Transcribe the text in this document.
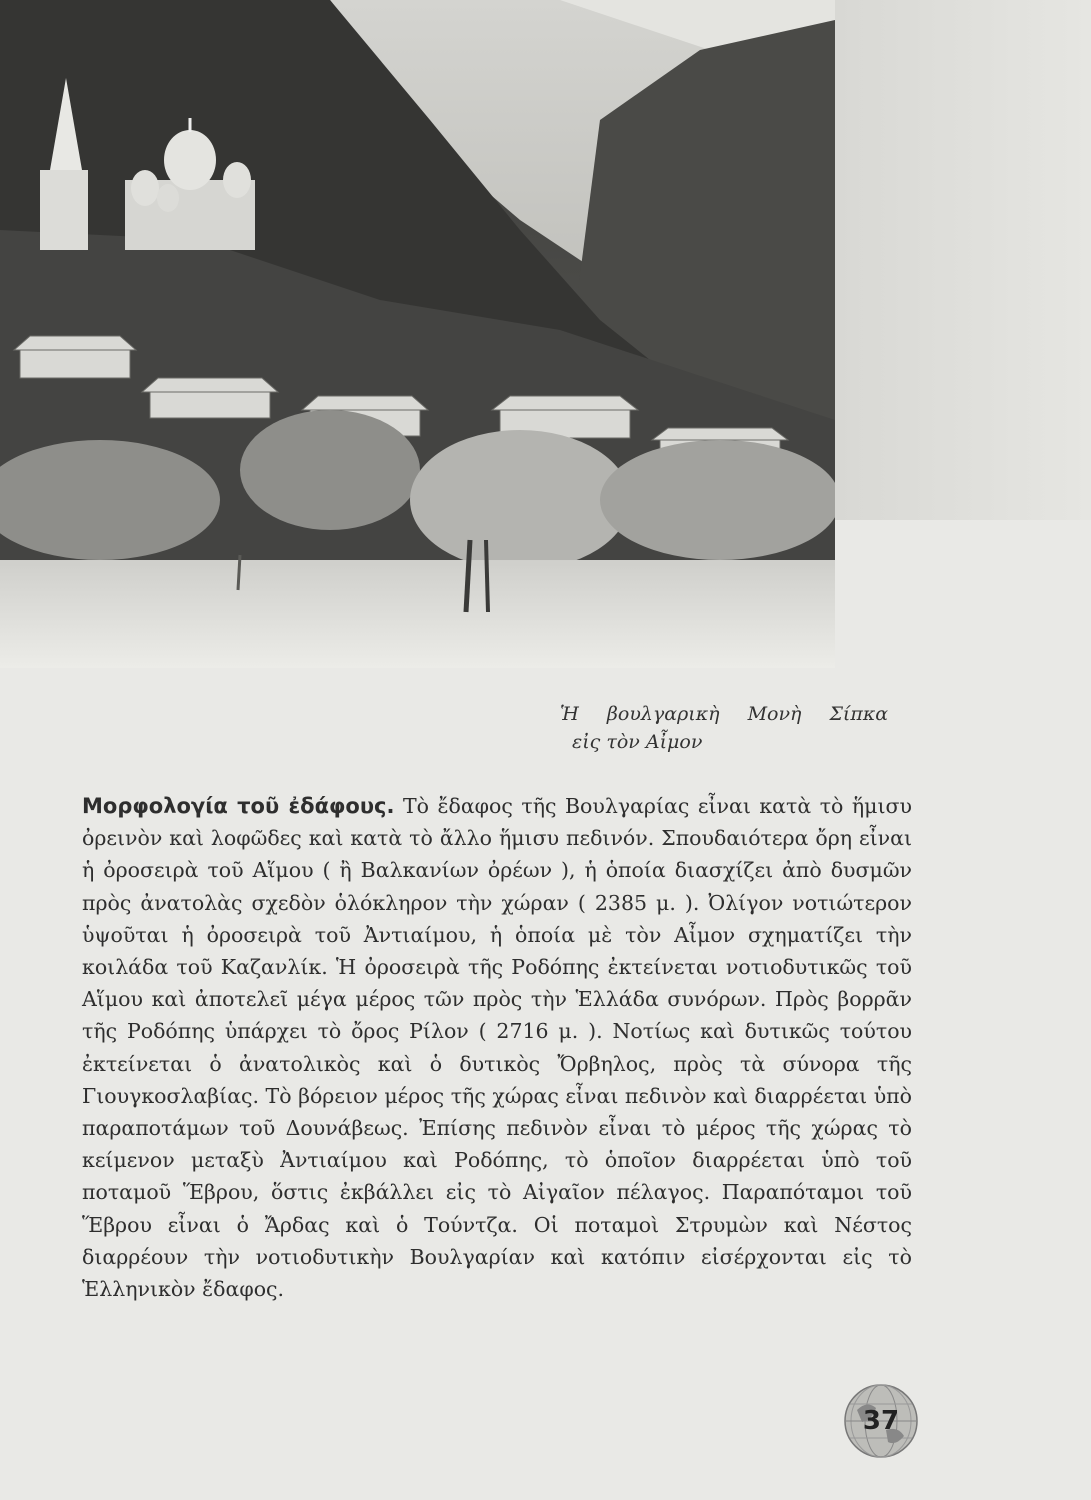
Ἡ βουλγαρικὴ Μονὴ Σίπκα
εἰς τὸν Αἶμον
Μορφολογία τοῦ ἐδάφους. Τὸ ἔδαφος τῆς Βουλγαρίας εἶναι κατὰ τὸ ἥμισυ ὀρεινὸν καὶ λοφῶδες καὶ κατὰ τὸ ἄλλο ἥμισυ πεδινόν. Σπουδαιότερα ὄρη εἶναι ἡ ὀροσειρὰ τοῦ Αἵμου ( ἢ Βαλκανίων ὀρέων ), ἡ ὁποία διασχίζει ἀπὸ δυσμῶν πρὸς ἀνατολὰς σχεδὸν ὁλόκληρον τὴν χώραν ( 2385 μ. ). Ὀλίγον νοτιώτερον ὑψοῦται ἡ ὀροσειρὰ τοῦ Ἀντιαίμου, ἡ ὁποία μὲ τὸν Αἶμον σχηματίζει τὴν κοιλάδα τοῦ Καζανλίκ. Ἡ ὀροσειρὰ τῆς Ροδόπης ἐκτείνεται νοτιοδυτικῶς τοῦ Αἵμου καὶ ἀποτελεῖ μέγα μέρος τῶν πρὸς τὴν Ἑλλάδα συνόρων. Πρὸς βορρᾶν τῆς Ροδόπης ὑπάρχει τὸ ὄρος Ρίλον ( 2716 μ. ). Νοτίως καὶ δυτικῶς τούτου ἐκτείνεται ὁ ἀνατολικὸς καὶ ὁ δυτικὸς Ὄρβηλος, πρὸς τὰ σύνορα τῆς Γιουγκοσλαβίας. Τὸ βόρειον μέρος τῆς χώρας εἶναι πεδινὸν καὶ διαρρέεται ὑπὸ παραποτάμων τοῦ Δουνάβεως. Ἐπίσης πεδινὸν εἶναι τὸ μέρος τῆς χώρας τὸ κείμενον μεταξὺ Ἀντιαίμου καὶ Ροδόπης, τὸ ὁποῖον διαρρέεται ὑπὸ τοῦ ποταμοῦ Ἕβρου, ὅστις ἐκβάλλει εἰς τὸ Αἰγαῖον πέλαγος. Παραπόταμοι τοῦ Ἕβρου εἶναι ὁ Ἄρδας καὶ ὁ Τούντζα. Οἱ ποταμοὶ Στρυμὼν καὶ Νέστος διαρρέουν τὴν νοτιοδυτικὴν Βουλγαρίαν καὶ κατόπιν εἰσέρχονται εἰς τὸ Ἑλληνικὸν ἔδαφος.
37
